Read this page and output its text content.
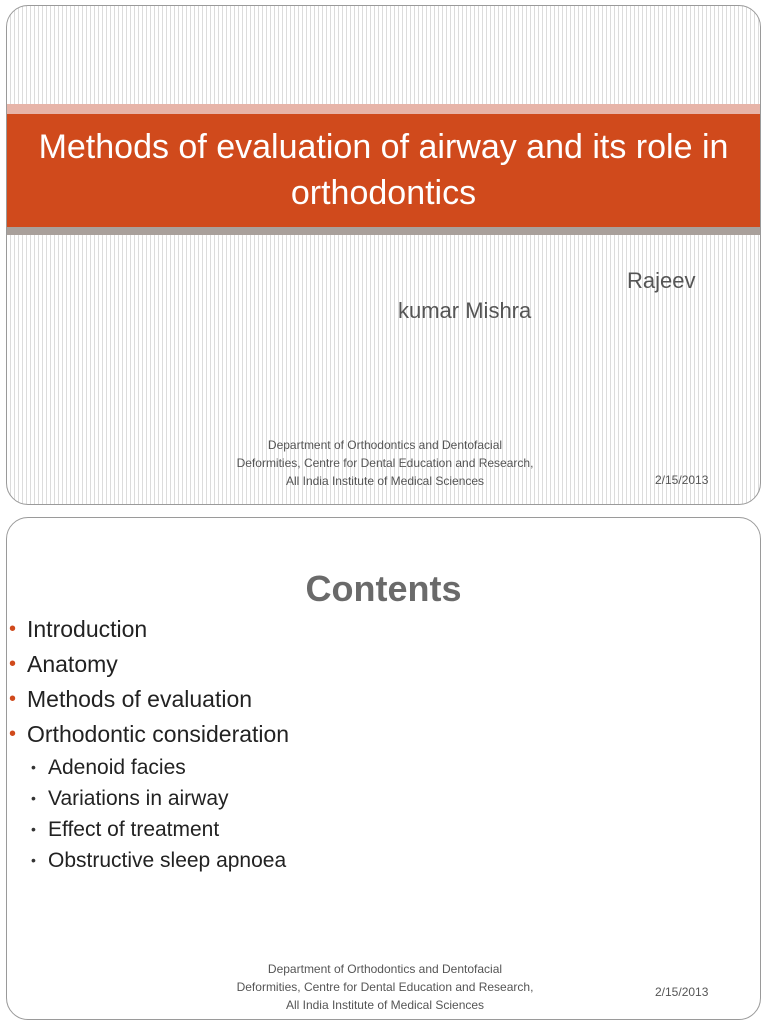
Methods of evaluation of airway and its role in orthodontics
Rajeev
kumar Mishra
Department of Orthodontics and Dentofacial Deformities, Centre for Dental Education and Research, All India Institute of Medical Sciences	2/15/2013
Contents
• Introduction
• Anatomy
• Methods of evaluation
• Orthodontic consideration
• Adenoid facies
• Variations in airway
• Effect of treatment
• Obstructive sleep apnoea
Department of Orthodontics and Dentofacial Deformities, Centre for Dental Education and Research, All India Institute of Medical Sciences
2/15/2013
